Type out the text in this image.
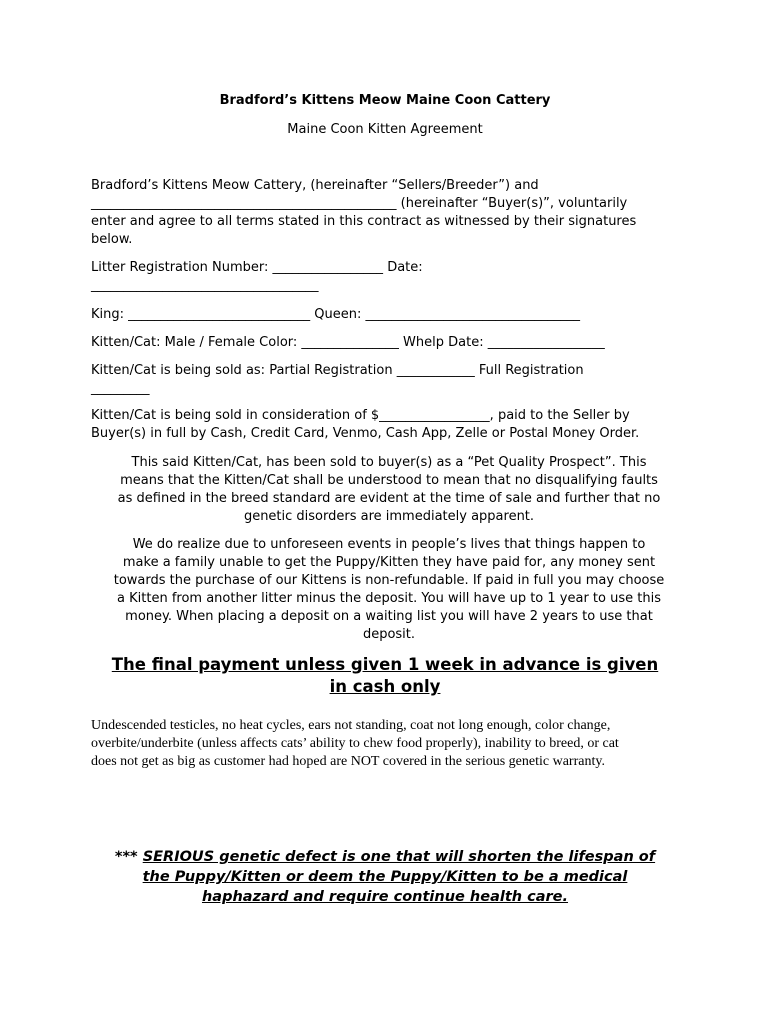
Bradford’s Kittens Meow Maine Coon Cattery
Maine Coon Kitten Agreement
Bradford’s Kittens Meow Cattery, (hereinafter “Sellers/Breeder”) and
_______________________________________________ (hereinafter “Buyer(s)”, voluntarily
enter and agree to all terms stated in this contract as witnessed by their signatures
below.
Litter Registration Number: _________________ Date:
___________________________________
King: ____________________________ Queen: _________________________________
Kitten/Cat: Male / Female Color: _______________ Whelp Date: __________________
Kitten/Cat is being sold as: Partial Registration ____________ Full Registration
_________
Kitten/Cat is being sold in consideration of $_________________, paid to the Seller by
Buyer(s) in full by Cash, Credit Card, Venmo, Cash App, Zelle or Postal Money Order.
This said Kitten/Cat, has been sold to buyer(s) as a “Pet Quality Prospect”. This
means that the Kitten/Cat shall be understood to mean that no disqualifying faults
as defined in the breed standard are evident at the time of sale and further that no
genetic disorders are immediately apparent.
We do realize due to unforeseen events in people’s lives that things happen to
make a family unable to get the Puppy/Kitten they have paid for, any money sent
towards the purchase of our Kittens is non-refundable. If paid in full you may choose
a Kitten from another litter minus the deposit. You will have up to 1 year to use this
money. When placing a deposit on a waiting list you will have 2 years to use that
deposit.
The final payment unless given 1 week in advance is given
in cash only
Undescended testicles, no heat cycles, ears not standing, coat not long enough, color change,
overbite/underbite (unless affects cats’ ability to chew food properly), inability to breed, or cat
does not get as big as customer had hoped are NOT covered in the serious genetic warranty.
*** SERIOUS genetic defect is one that will shorten the lifespan of
the Puppy/Kitten or deem the Puppy/Kitten to be a medical
haphazard and require continue health care.
